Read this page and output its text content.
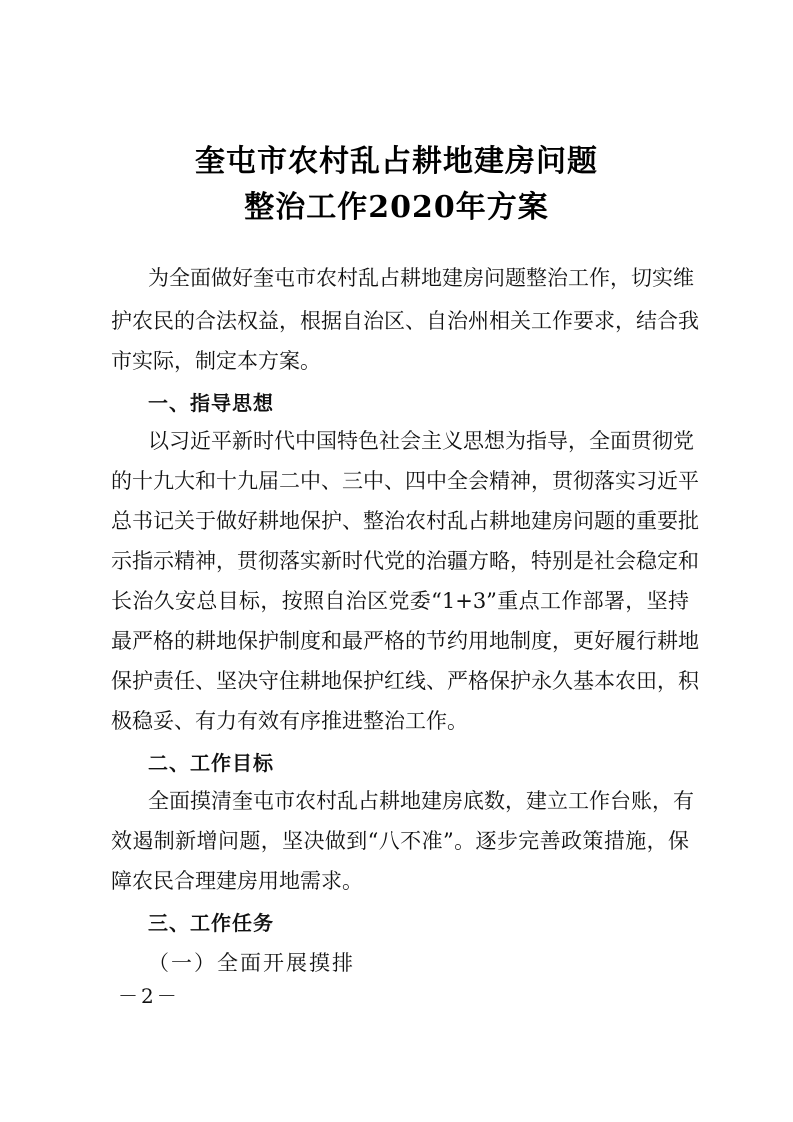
奎屯市农村乱占耕地建房问题
整治工作2020年方案
为全面做好奎屯市农村乱占耕地建房问题整治工作，切实维
护农民的合法权益，根据自治区、自治州相关工作要求，结合我
市实际，制定本方案。
一、指导思想
以习近平新时代中国特色社会主义思想为指导，全面贯彻党
的十九大和十九届二中、三中、四中全会精神，贯彻落实习近平
总书记关于做好耕地保护、整治农村乱占耕地建房问题的重要批
示指示精神，贯彻落实新时代党的治疆方略，特别是社会稳定和
长治久安总目标，按照自治区党委“1+3”重点工作部署，坚持
最严格的耕地保护制度和最严格的节约用地制度，更好履行耕地
保护责任、坚决守住耕地保护红线、严格保护永久基本农田，积
极稳妥、有力有效有序推进整治工作。
二、工作目标
全面摸清奎屯市农村乱占耕地建房底数，建立工作台账，有
效遏制新增问题，坚决做到“八不准”。逐步完善政策措施，保
障农民合理建房用地需求。
三、工作任务
（一）全面开展摸排
－2－
